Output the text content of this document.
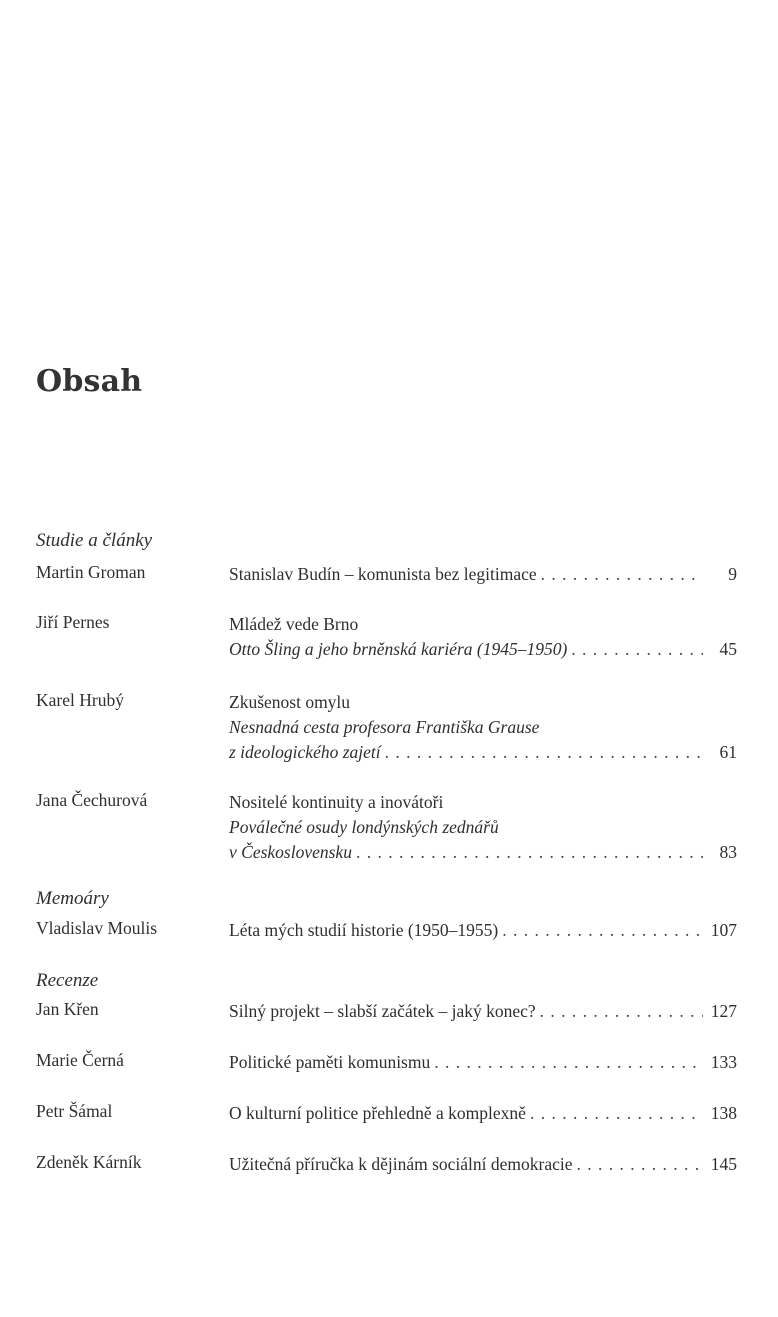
Obsah
Studie a články
Martin Groman	Stanislav Budín – komunista bez legitimace . . .	9
Jiří Pernes	Mládež vede Brno
Otto Šling a jeho brněnská kariéra (1945–1950) . . .	45
Karel Hrubý	Zkušenost omylu
Nesnadná cesta profesora Františka Grause
z ideologického zajetí . . .	61
Jana Čechurová	Nositelé kontinuity a inovátoři
Poválečné osudy londýnských zednářů
v Československu . . .	83
Memoáry
Vladislav Moulis	Léta mých studií historie (1950–1955) . . .	107
Recenze
Jan Křen	Silný projekt – slabší začátek – jaký konec? . . .	127
Marie Černá	Politické paměti komunismu . . .	133
Petr Šámal	O kulturní politice přehledně a komplexně . . .	138
Zdeněk Kárník	Užitečná příručka k dějinám sociální demokracie . . .	145
